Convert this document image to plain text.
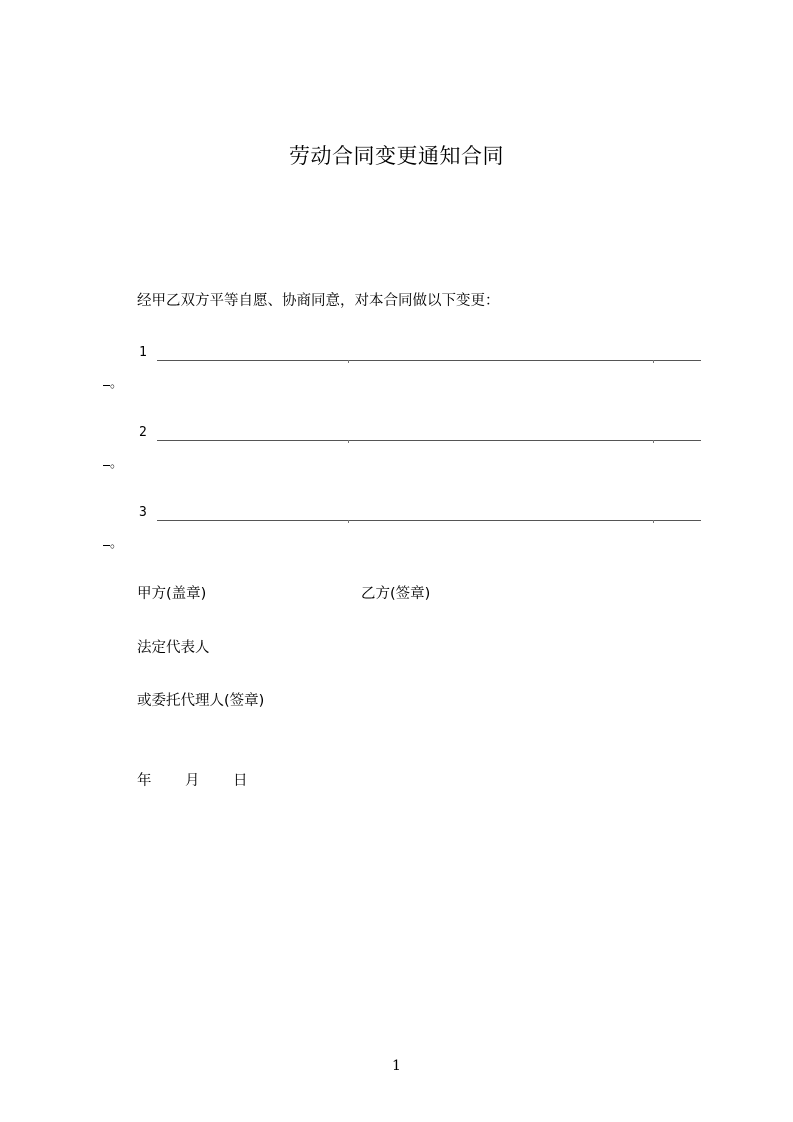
劳动合同变更通知合同
经甲乙双方平等自愿、协商同意，对本合同做以下变更：
1
。
2
。
3
。
甲方(盖章)	乙方(签章)
法定代表人
或委托代理人(签章)
年 月 日
1
